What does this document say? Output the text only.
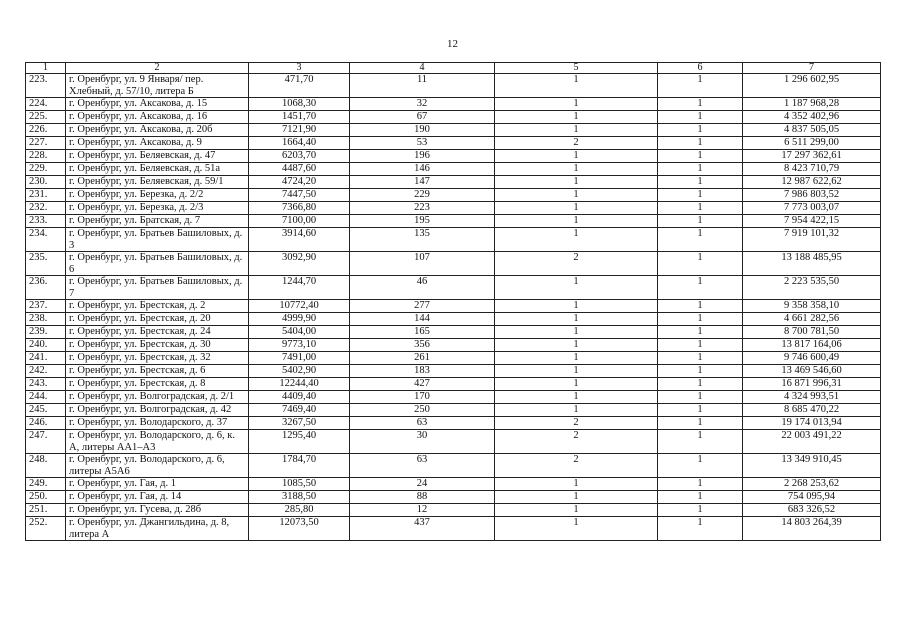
12
1	2	3	4	5	6	7
223.	г. Оренбург, ул. 9 Января/ пер. Хлебный, д. 57/10, литера Б	471,70	11	1	1	1 296 602,95
224.	г. Оренбург, ул. Аксакова, д. 15	1068,30	32	1	1	1 187 968,28
225.	г. Оренбург, ул. Аксакова, д. 16	1451,70	67	1	1	4 352 402,96
226.	г. Оренбург, ул. Аксакова, д. 20б	7121,90	190	1	1	4 837 505,05
227.	г. Оренбург, ул. Аксакова, д. 9	1664,40	53	2	1	6 511 299,00
228.	г. Оренбург, ул. Беляевская, д. 47	6203,70	196	1	1	17 297 362,61
229.	г. Оренбург, ул. Беляевская, д. 51а	4487,60	146	1	1	8 423 710,79
230.	г. Оренбург, ул. Беляевская, д. 59/1	4724,20	147	1	1	12 987 622,62
231.	г. Оренбург, ул. Березка, д. 2/2	7447,50	229	1	1	7 986 803,52
232.	г. Оренбург, ул. Березка, д. 2/3	7366,80	223	1	1	7 773 003,07
233.	г. Оренбург, ул. Братская, д. 7	7100,00	195	1	1	7 954 422,15
234.	г. Оренбург, ул. Братьев Башиловых, д. 3	3914,60	135	1	1	7 919 101,32
235.	г. Оренбург, ул. Братьев Башиловых, д. 6	3092,90	107	2	1	13 188 485,95
236.	г. Оренбург, ул. Братьев Башиловых, д. 7	1244,70	46	1	1	2 223 535,50
237.	г. Оренбург, ул. Брестская, д. 2	10772,40	277	1	1	9 358 358,10
238.	г. Оренбург, ул. Брестская, д. 20	4999,90	144	1	1	4 661 282,56
239.	г. Оренбург, ул. Брестская, д. 24	5404,00	165	1	1	8 700 781,50
240.	г. Оренбург, ул. Брестская, д. 30	9773,10	356	1	1	13 817 164,06
241.	г. Оренбург, ул. Брестская, д. 32	7491,00	261	1	1	9 746 600,49
242.	г. Оренбург, ул. Брестская, д. 6	5402,90	183	1	1	13 469 546,60
243.	г. Оренбург, ул. Брестская, д. 8	12244,40	427	1	1	16 871 996,31
244.	г. Оренбург, ул. Волгоградская, д. 2/1	4409,40	170	1	1	4 324 993,51
245.	г. Оренбург, ул. Волгоградская, д. 42	7469,40	250	1	1	8 685 470,22
246.	г. Оренбург, ул. Володарского, д. 37	3267,50	63	2	1	19 174 013,94
247.	г. Оренбург, ул. Володарского, д. 6, к. А, литеры АА1–А3	1295,40	30	2	1	22 003 491,22
248.	г. Оренбург, ул. Володарского, д. 6, литеры А5А6	1784,70	63	2	1	13 349 910,45
249.	г. Оренбург, ул. Гая, д. 1	1085,50	24	1	1	2 268 253,62
250.	г. Оренбург, ул. Гая, д. 14	3188,50	88	1	1	754 095,94
251.	г. Оренбург, ул. Гусева, д. 28б	285,80	12	1	1	683 326,52
252.	г. Оренбург, ул. Джангильдина, д. 8, литера А	12073,50	437	1	1	14 803 264,39
